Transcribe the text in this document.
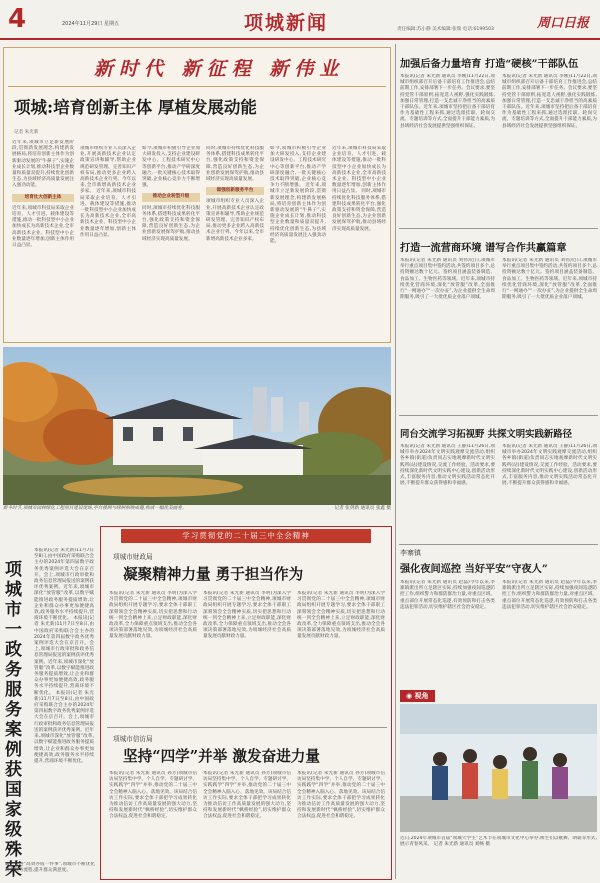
4	2024年11月29日 星期五	项城新闻	责任编辑:苏小静 美术编辑:张瑞 电话:6199503	周口日报
新时代 新征程 新伟业
项城:培育创新主体 厚植发展动能
记者 朱光新
近年来,项城市立足新发展阶段,贯彻新发展理念,构建新发展格局,将培育创新主体作为创新驱动发展的“牛鼻子”,实施企业成长计划,推动科技型企业数量和质量双提升,持续优化创新生态,为县域经济高质量发展注入强劲动能。
培育壮大创新主体
近年来,项城市科技局采取企业培育、人才引进、载体建设等措施,推动一批科技型中小企业加快成长为高新技术企业,全市高新技术企业、科技型中小企业数量逐年增加,创新主体作用日益凸显。
项城市组织专业人员深入企业,开展高新技术企业认定政策宣讲和辅导,帮助企业规范研发管理、完善知识产权布局,推动更多企业跨入高新技术企业行列。今年以来,全市新增高新技术企业多家。 近年来,项城市科技局采取企业培育、人才引进、载体建设等措施,推动一批科技型中小企业加快成长为高新技术企业,全市高新技术企业、科技型中小企业数量逐年增加,创新主体作用日益凸显。
如今,项城市积极引导企业加大研发投入,支持企业建设研发中心、工程技术研究中心等创新平台,推动产学研深度融合,一批关键核心技术取得突破,企业核心竞争力不断增强。
推动企业转型升级
同时,项城市持续优化科技服务体系,搭建科技成果转化平台,强化政策支持和资金保障,营造良好创新生态,为企业创新发展保驾护航,推动县域经济实现高质量发展。
同时,项城市持续优化科技服务体系,搭建科技成果转化平台,强化政策支持和资金保障,营造良好创新生态,为企业创新发展保驾护航,推动县域经济实现高质量发展。
做强创新服务平台
项城市组织专业人员深入企业,开展高新技术企业认定政策宣讲和辅导,帮助企业规范研发管理、完善知识产权布局,推动更多企业跨入高新技术企业行列。今年以来,全市新增高新技术企业多家。
如今,项城市积极引导企业加大研发投入,支持企业建设研发中心、工程技术研究中心等创新平台,推动产学研深度融合,一批关键核心技术取得突破,企业核心竞争力不断增强。 近年来,项城市立足新发展阶段,贯彻新发展理念,构建新发展格局,将培育创新主体作为创新驱动发展的“牛鼻子”,实施企业成长计划,推动科技型企业数量和质量双提升,持续优化创新生态,为县域经济高质量发展注入强劲动能。
近年来,项城市科技局采取企业培育、人才引进、载体建设等措施,推动一批科技型中小企业加快成长为高新技术企业,全市高新技术企业、科技型中小企业数量逐年增加,创新主体作用日益凸显。 同时,项城市持续优化科技服务体系,搭建科技成果转化平台,强化政策支持和资金保障,营造良好创新生态,为企业创新发展保驾护航,推动县域经济实现高质量发展。
新冬时节,项城市园林绿化工程项目建设现场,亭台楼阁与绿树相映成趣,构成一幅优美画卷。	记者 张剑新 通讯员 张鑫 摄
加强后备力量培育 打造“硬核”干部队伍
本报讯(记者 朱光新 通讯员 李刚)11月22日,项城市组织部召开后备干部培育工作推进会,总结前期工作,安排部署下一步任务。会议要求,要坚持党管干部原则,拓宽选人视野,强化实践锻炼,加强日常管理,打造一支忠诚干净担当的高素质干部队伍。近年来,项城市坚持把后备干部培育作为基础性工程来抓,通过选派挂职、轮岗交流、专题培训等方式,全面提升干部能力素质,为县域经济社会发展提供坚强组织保证。
本报讯(记者 朱光新 通讯员 李刚)11月22日,项城市组织部召开后备干部培育工作推进会,总结前期工作,安排部署下一步任务。会议要求,要坚持党管干部原则,拓宽选人视野,强化实践锻炼,加强日常管理,打造一支忠诚干净担当的高素质干部队伍。近年来,项城市坚持把后备干部培育作为基础性工程来抓,通过选派挂职、轮岗交流、专题培训等方式,全面提升干部能力素质,为县域经济社会发展提供坚强组织保证。
打造一流营商环境 谱写合作共赢篇章
本报讯(记者 朱光新 通讯员 刘伟)近日,项城市举行重点项目集中签约活动,共签约项目多个,总投资额达数十亿元。签约项目涵盖装备制造、食品加工、生物医药等领域。近年来,项城市持续优化营商环境,深化“放管服”改革,全面推行“一网通办”“一次办妥”,为企业提供全生命周期服务,吸引了一大批优质企业落户项城。
本报讯(记者 朱光新 通讯员 刘伟)近日,项城市举行重点项目集中签约活动,共签约项目多个,总投资额达数十亿元。签约项目涵盖装备制造、食品加工、生物医药等领域。近年来,项城市持续优化营商环境,深化“放管服”改革,全面推行“一网通办”“一次办妥”,为企业提供全生命周期服务,吸引了一大批优质企业落户项城。
同台交流学习拓视野 共探文明实践新路径
本报讯(记者 朱光新 通讯员 王静)11月26日,项城市举办2024年文明实践观摩交流活动,组织各乡镇(街道)负责同志实地观摩新时代文明实践所(站)建设情况,交流工作经验。活动要求,要持续深化新时代文明实践中心建设,创新活动形式,丰富服务内容,推动文明实践活动常态化开展,不断提升群众获得感和幸福感。
本报讯(记者 朱光新 通讯员 王静)11月26日,项城市举办2024年文明实践观摩交流活动,组织各乡镇(街道)负责同志实地观摩新时代文明实践所(站)建设情况,交流工作经验。活动要求,要持续深化新时代文明实践中心建设,创新活动形式,丰富服务内容,推动文明实践活动常态化开展,不断提升群众获得感和幸福感。
李寨镇
强化夜间巡控 当好平安“守夜人”
本报讯(记者 朱光新 通讯员 赵磊)今年以来,李寨镇派出所立足辖区实际,持续加强夜间巡逻防控工作,组织警力和群防群治力量,对重点区域、重点部位开展常态化巡逻,有效预防和打击各类违法犯罪活动,切实维护辖区社会治安稳定。
本报讯(记者 朱光新 通讯员 赵磊)今年以来,李寨镇派出所立足辖区实际,持续加强夜间巡逻防控工作,组织警力和群防群治力量,对重点区域、重点部位开展常态化巡逻,有效预防和打击各类违法犯罪活动,切实维护辖区社会治安稳定。
◉ 视角
近日,2024年项城市首届“项城大学生”艺术节在项城市文化中心举办,师生们以歌舞、朗诵等形式,展示青春风采。 记者 朱光新 通讯员 刘畅 摄
项城市一政务服务案例获国家级殊荣
本报讯(记者 朱光新)11月7日至8日,由中国政府采购联合会主办的2024年第四届数字政务优秀案例评选大会在京召开。会上,项城市行政审批和政务信息管理局报送的案例获评优秀案例。近年来,项城市深化“放管服”改革,以数字赋能推进政务服务提质增效,让企业和群众办事更加便捷高效,政务服务水平持续提升,营商环境不断优化。 本报讯(记者 朱光新)11月7日至8日,由中国政府采购联合会主办的2024年第四届数字政务优秀案例评选大会在京召开。会上,项城市行政审批和政务信息管理局报送的案例获评优秀案例。近年来,项城市深化“放管服”改革,以数字赋能推进政务服务提质增效,让企业和群众办事更加便捷高效,政务服务水平持续提升,营商环境不断优化。 本报讯(记者 朱光新)11月7日至8日,由中国政府采购联合会主办的2024年第四届数字政务优秀案例评选大会在京召开。会上,项城市行政审批和政务信息管理局报送的案例获评优秀案例。近年来,项城市深化“放管服”改革,以数字赋能推进政务服务提质增效,让企业和群众办事更加便捷高效,政务服务水平持续提升,营商环境不断优化。
通过推进“高效办成一件事”,项城市不断优化政务服务流程,提升群众满意度。
学习贯彻党的二十届三中全会精神
项城市财政局
凝聚精神力量 勇于担当作为
本报讯(记者 朱光新 通讯员 李明)为深入学习贯彻党的二十届三中全会精神,项城市财政局组织开展专题学习,要求全体干部职工深刻领会全会精神实质,切实把思想和行动统一到全会精神上来,立足财政职能,深化财政改革,全力保障重点领域支出,推动全会各项决策部署落地见效,为项城经济社会高质量发展贡献财政力量。
本报讯(记者 朱光新 通讯员 李明)为深入学习贯彻党的二十届三中全会精神,项城市财政局组织开展专题学习,要求全体干部职工深刻领会全会精神实质,切实把思想和行动统一到全会精神上来,立足财政职能,深化财政改革,全力保障重点领域支出,推动全会各项决策部署落地见效,为项城经济社会高质量发展贡献财政力量。
本报讯(记者 朱光新 通讯员 李明)为深入学习贯彻党的二十届三中全会精神,项城市财政局组织开展专题学习,要求全体干部职工深刻领会全会精神实质,切实把思想和行动统一到全会精神上来,立足财政职能,深化财政改革,全力保障重点领域支出,推动全会各项决策部署落地见效,为项城经济社会高质量发展贡献财政力量。
项城市信访局
坚持“四学”并举 激发奋进力量
本报讯(记者 朱光新 通讯员 孙芳)项城市信访局坚持集中学、个人自学、专题研讨学、实践践学“四学”并举,推动党的二十届三中全会精神入脑入心、落地见效。该局结合信访工作实际,要求全体干部把学习成果转化为推动信访工作高质量发展的强大动力,坚持和发展新时代“枫桥经验”,切实维护群众合法权益,促进社会和谐稳定。
本报讯(记者 朱光新 通讯员 孙芳)项城市信访局坚持集中学、个人自学、专题研讨学、实践践学“四学”并举,推动党的二十届三中全会精神入脑入心、落地见效。该局结合信访工作实际,要求全体干部把学习成果转化为推动信访工作高质量发展的强大动力,坚持和发展新时代“枫桥经验”,切实维护群众合法权益,促进社会和谐稳定。
本报讯(记者 朱光新 通讯员 孙芳)项城市信访局坚持集中学、个人自学、专题研讨学、实践践学“四学”并举,推动党的二十届三中全会精神入脑入心、落地见效。该局结合信访工作实际,要求全体干部把学习成果转化为推动信访工作高质量发展的强大动力,坚持和发展新时代“枫桥经验”,切实维护群众合法权益,促进社会和谐稳定。
